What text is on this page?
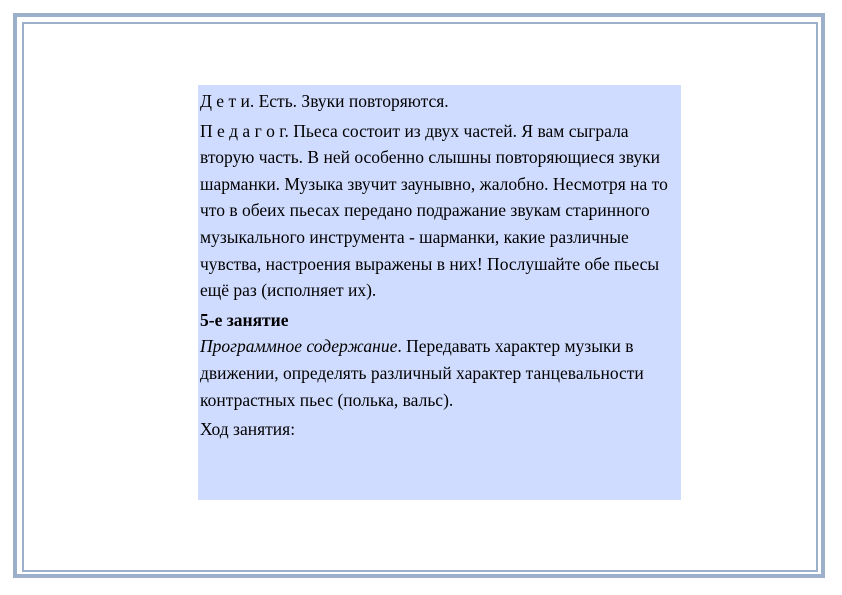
Д е т и. Есть. Звуки повторяются.

П е д а г о г. Пьеса состоит из двух частей. Я вам сыграла вторую часть. В ней особенно слышны повторяющиеся звуки шарманки. Музыка звучит заунывно, жалобно. Несмотря на то что в обеих пьесах передано подражание звукам старинного музыкального инструмента - шарманки, какие различные чувства, настроения выражены в них! Послушайте обе пьесы ещё раз (исполняет их).

5-е занятие

Программное содержание. Передавать характер музыки в движении, определять различный характер танцевальности контрастных пьес (полька, вальс).

Ход занятия:
